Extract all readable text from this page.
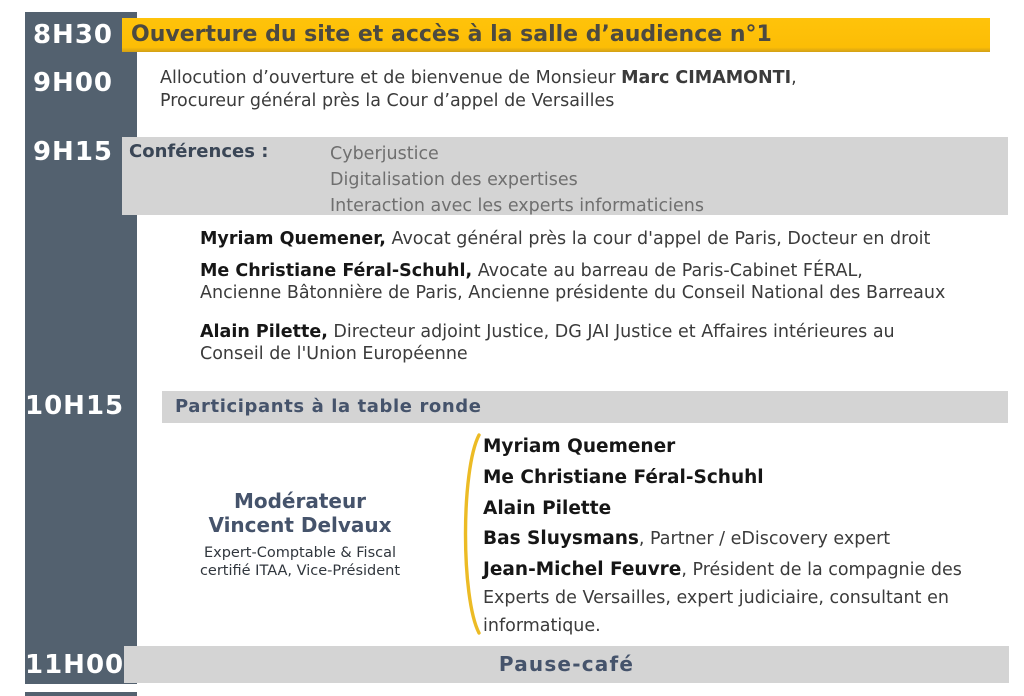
8H30
9H00
9H15
10H15
11H00
Ouverture du site et accès à la salle d’audience n°1
Allocution d’ouverture et de bienvenue de Monsieur Marc CIMAMONTI,
Procureur général près la Cour d’appel de Versailles
Conférences :	Cyberjustice
Digitalisation des expertises
Interaction avec les experts informaticiens
Myriam Quemener, Avocat général près la cour d'appel de Paris, Docteur en droit
Me Christiane Féral-Schuhl, Avocate au barreau de Paris-Cabinet FÉRAL,
Ancienne Bâtonnière de Paris, Ancienne présidente du Conseil National des Barreaux
Alain Pilette, Directeur adjoint Justice, DG JAI Justice et Affaires intérieures au
Conseil de l'Union Européenne
Participants à la table ronde
Modérateur
Vincent Delvaux
Expert-Comptable & Fiscal
certifié ITAA, Vice-Président
Myriam Quemener
Me Christiane Féral-Schuhl
Alain Pilette
Bas Sluysmans, Partner / eDiscovery expert
Jean-Michel Feuvre, Président de la compagnie des
Experts de Versailles, expert judiciaire, consultant en
informatique.
Pause-café
